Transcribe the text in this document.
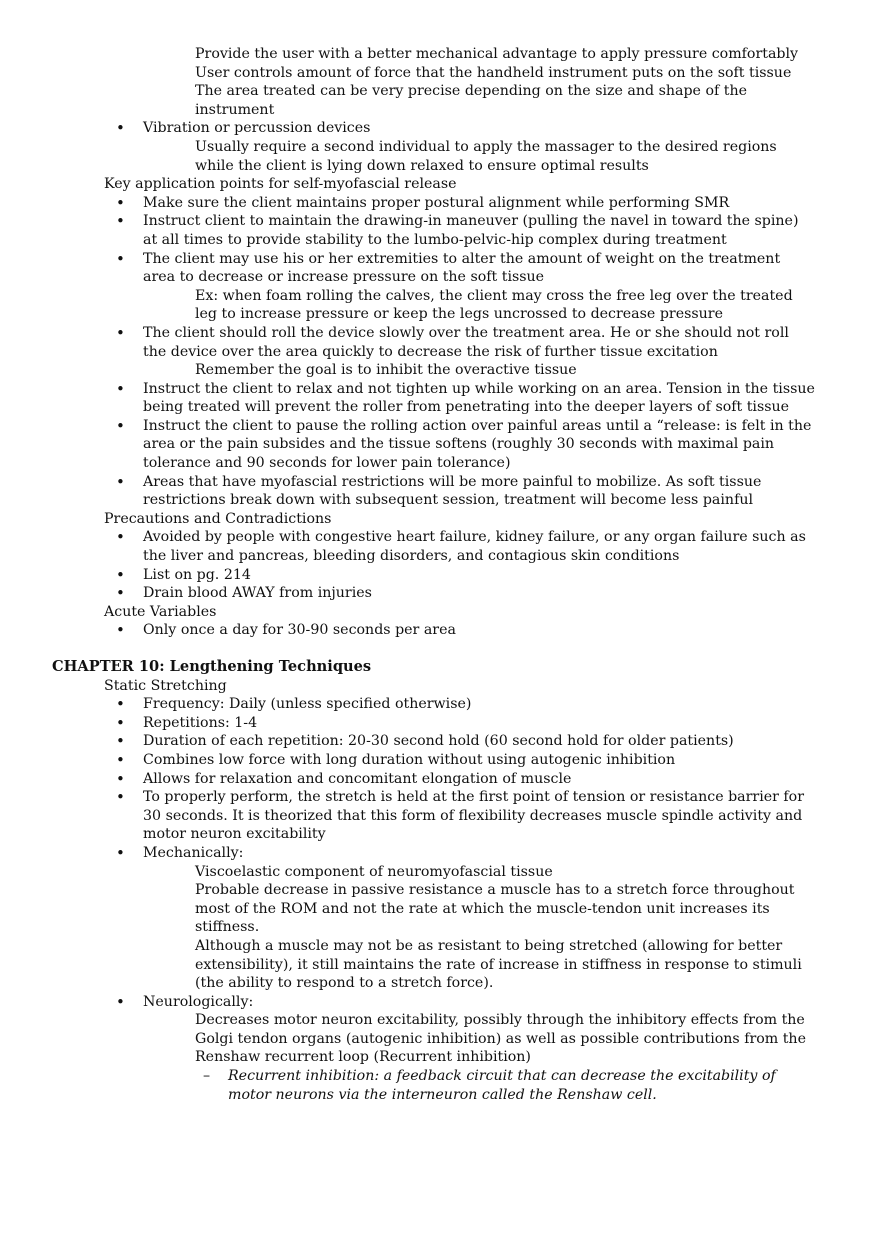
Provide the user with a better mechanical advantage to apply pressure comfortably
User controls amount of force that the handheld instrument puts on the soft tissue
The area treated can be very precise depending on the size and shape of the instrument
• Vibration or percussion devices
Usually require a second individual to apply the massager to the desired regions while the client is lying down relaxed to ensure optimal results
Key application points for self-myofascial release
• Make sure the client maintains proper postural alignment while performing SMR
• Instruct client to maintain the drawing-in maneuver (pulling the navel in toward the spine) at all times to provide stability to the lumbo-pelvic-hip complex during treatment
• The client may use his or her extremities to alter the amount of weight on the treatment area to decrease or increase pressure on the soft tissue
Ex: when foam rolling the calves, the client may cross the free leg over the treated leg to increase pressure or keep the legs uncrossed to decrease pressure
• The client should roll the device slowly over the treatment area. He or she should not roll the device over the area quickly to decrease the risk of further tissue excitation
Remember the goal is to inhibit the overactive tissue
• Instruct the client to relax and not tighten up while working on an area. Tension in the tissue being treated will prevent the roller from penetrating into the deeper layers of soft tissue
• Instruct the client to pause the rolling action over painful areas until a “release: is felt in the area or the pain subsides and the tissue softens (roughly 30 seconds with maximal pain tolerance and 90 seconds for lower pain tolerance)
• Areas that have myofascial restrictions will be more painful to mobilize. As soft tissue restrictions break down with subsequent session, treatment will become less painful
Precautions and Contradictions
• Avoided by people with congestive heart failure, kidney failure, or any organ failure such as the liver and pancreas, bleeding disorders, and contagious skin conditions
• List on pg. 214
• Drain blood AWAY from injuries
Acute Variables
• Only once a day for 30-90 seconds per area
CHAPTER 10: Lengthening Techniques
Static Stretching
• Frequency: Daily (unless specified otherwise)
• Repetitions: 1-4
• Duration of each repetition: 20-30 second hold (60 second hold for older patients)
• Combines low force with long duration without using autogenic inhibition
• Allows for relaxation and concomitant elongation of muscle
• To properly perform, the stretch is held at the first point of tension or resistance barrier for 30 seconds. It is theorized that this form of flexibility decreases muscle spindle activity and motor neuron excitability
• Mechanically:
Viscoelastic component of neuromyofascial tissue
Probable decrease in passive resistance a muscle has to a stretch force throughout most of the ROM and not the rate at which the muscle-tendon unit increases its stiffness.
Although a muscle may not be as resistant to being stretched (allowing for better extensibility), it still maintains the rate of increase in stiffness in response to stimuli (the ability to respond to a stretch force).
• Neurologically:
Decreases motor neuron excitability, possibly through the inhibitory effects from the Golgi tendon organs (autogenic inhibition) as well as possible contributions from the Renshaw recurrent loop (Recurrent inhibition)
– Recurrent inhibition: a feedback circuit that can decrease the excitability of motor neurons via the interneuron called the Renshaw cell.
